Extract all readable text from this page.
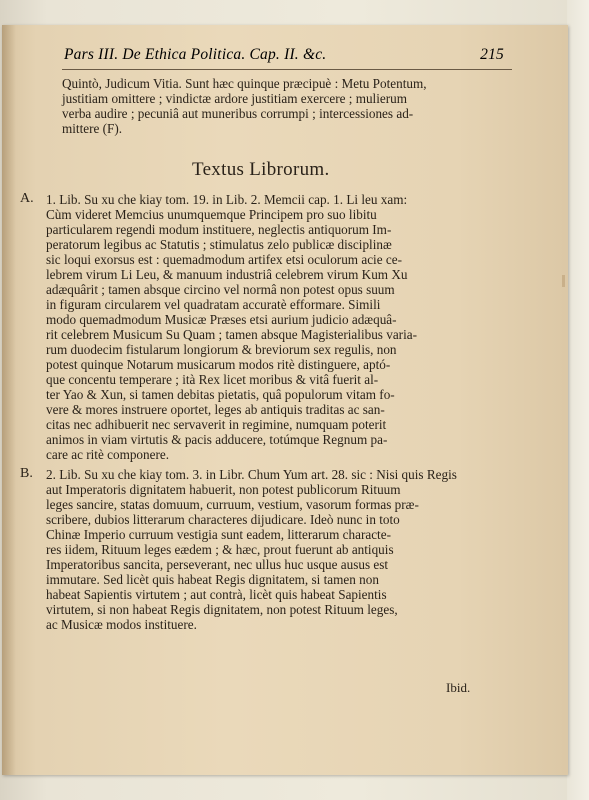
Pars III. De Ethica Politica. Cap. II. &c.	215
Quintò, Judicum Vitia. Sunt hæc quinque præcipuè : Metu Potentum,
justitiam omittere ; vindictæ ardore justitiam exercere ; mulierum
verba audire ; pecuniâ aut muneribus corrumpi ; intercessiones ad-
mittere (F).
Textus Librorum.
A. 1. Lib. Su xu che kiay tom. 19. in Lib. 2. Memcii cap. 1. Li leu xam:
Cùm videret Memcius unumquemque Principem pro suo libitu
particularem regendi modum instituere, neglectis antiquorum Im-
peratorum legibus ac Statutis ; stimulatus zelo publicæ disciplinæ
sic loqui exorsus est : quemadmodum artifex etsi oculorum acie ce-
lebrem virum Li Leu, & manuum industriâ celebrem virum Kum Xu
adæquârit ; tamen absque circino vel normâ non potest opus suum
in figuram circularem vel quadratam accuratè efformare. Simili
modo quemadmodum Musicæ Præses etsi aurium judicio adæquâ-
rit celebrem Musicum Su Quam ; tamen absque Magisterialibus varia-
rum duodecim fistularum longiorum & breviorum sex regulis, non
potest quinque Notarum musicarum modos ritè distinguere, aptó-
que concentu temperare ; ità Rex licet moribus & vitâ fuerit al-
ter Yao & Xun, si tamen debitas pietatis, quâ populorum vitam fo-
vere & mores instruere oportet, leges ab antiquis traditas ac san-
citas nec adhibuerit nec servaverit in regimine, numquam poterit
animos in viam virtutis & pacis adducere, totúmque Regnum pa-
care ac ritè componere.
B. 2. Lib. Su xu che kiay tom. 3. in Libr. Chum Yum art. 28. sic : Nisi quis Regis
aut Imperatoris dignitatem habuerit, non potest publicorum Rituum
leges sancire, statas domuum, curruum, vestium, vasorum formas præ-
scribere, dubios litterarum characteres dijudicare. Ideò nunc in toto
Chinæ Imperio curruum vestigia sunt eadem, litterarum characte-
res iidem, Rituum leges eædem ; & hæc, prout fuerunt ab antiquis
Imperatoribus sancita, perseverant, nec ullus huc usque ausus est
immutare. Sed licèt quis habeat Regis dignitatem, si tamen non
habeat Sapientis virtutem ; aut contrà, licèt quis habeat Sapientis
virtutem, si non habeat Regis dignitatem, non potest Rituum leges,
ac Musicæ modos instituere.
Ibid.
